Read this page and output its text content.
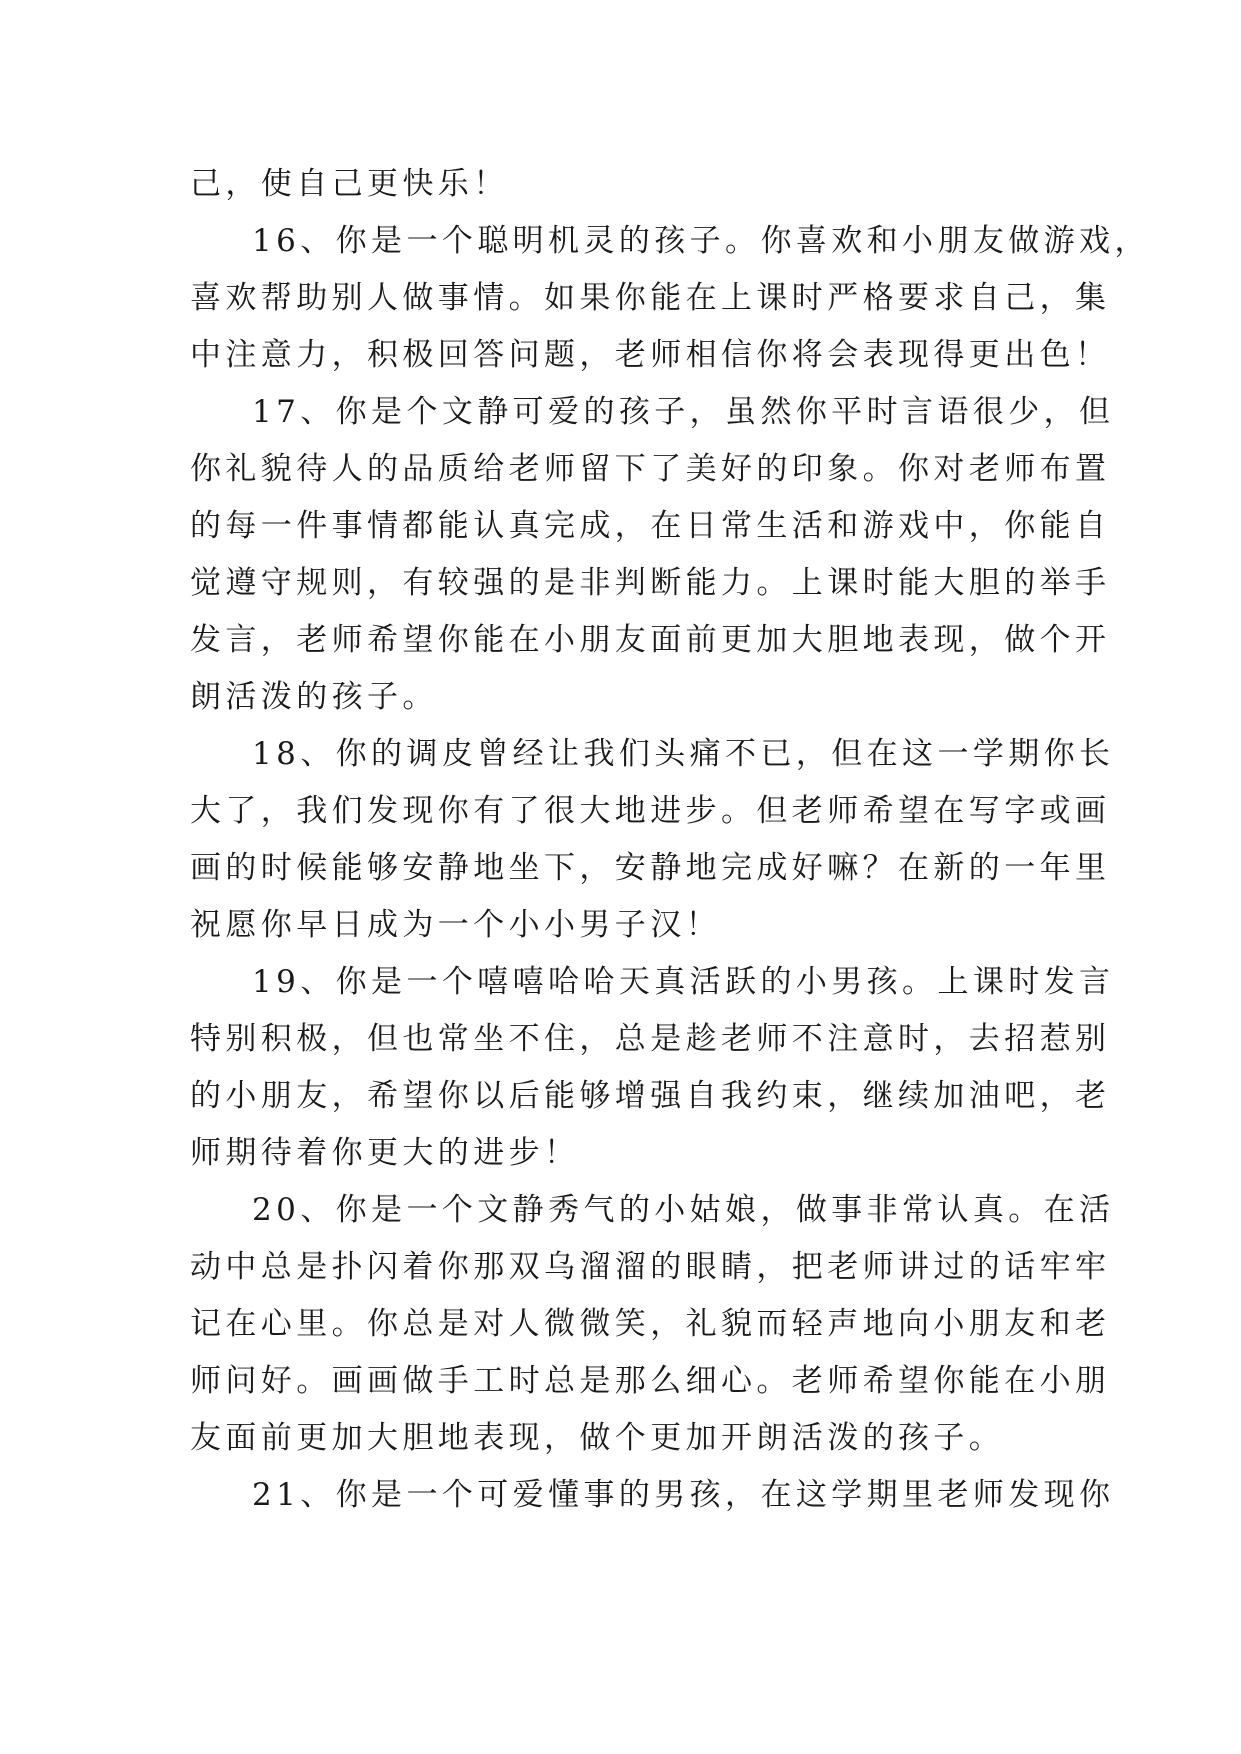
己，使自己更快乐！
16、你是一个聪明机灵的孩子。你喜欢和小朋友做游戏，
喜欢帮助别人做事情。如果你能在上课时严格要求自己，集
中注意力，积极回答问题，老师相信你将会表现得更出色！
17、你是个文静可爱的孩子，虽然你平时言语很少，但
你礼貌待人的品质给老师留下了美好的印象。你对老师布置
的每一件事情都能认真完成，在日常生活和游戏中，你能自
觉遵守规则，有较强的是非判断能力。上课时能大胆的举手
发言，老师希望你能在小朋友面前更加大胆地表现，做个开
朗活泼的孩子。
18、你的调皮曾经让我们头痛不已，但在这一学期你长
大了，我们发现你有了很大地进步。但老师希望在写字或画
画的时候能够安静地坐下，安静地完成好嘛？在新的一年里
祝愿你早日成为一个小小男子汉！
19、你是一个嘻嘻哈哈天真活跃的小男孩。上课时发言
特别积极，但也常坐不住，总是趁老师不注意时，去招惹别
的小朋友，希望你以后能够增强自我约束，继续加油吧，老
师期待着你更大的进步！
20、你是一个文静秀气的小姑娘，做事非常认真。在活
动中总是扑闪着你那双乌溜溜的眼睛，把老师讲过的话牢牢
记在心里。你总是对人微微笑，礼貌而轻声地向小朋友和老
师问好。画画做手工时总是那么细心。老师希望你能在小朋
友面前更加大胆地表现，做个更加开朗活泼的孩子。
21、你是一个可爱懂事的男孩，在这学期里老师发现你
